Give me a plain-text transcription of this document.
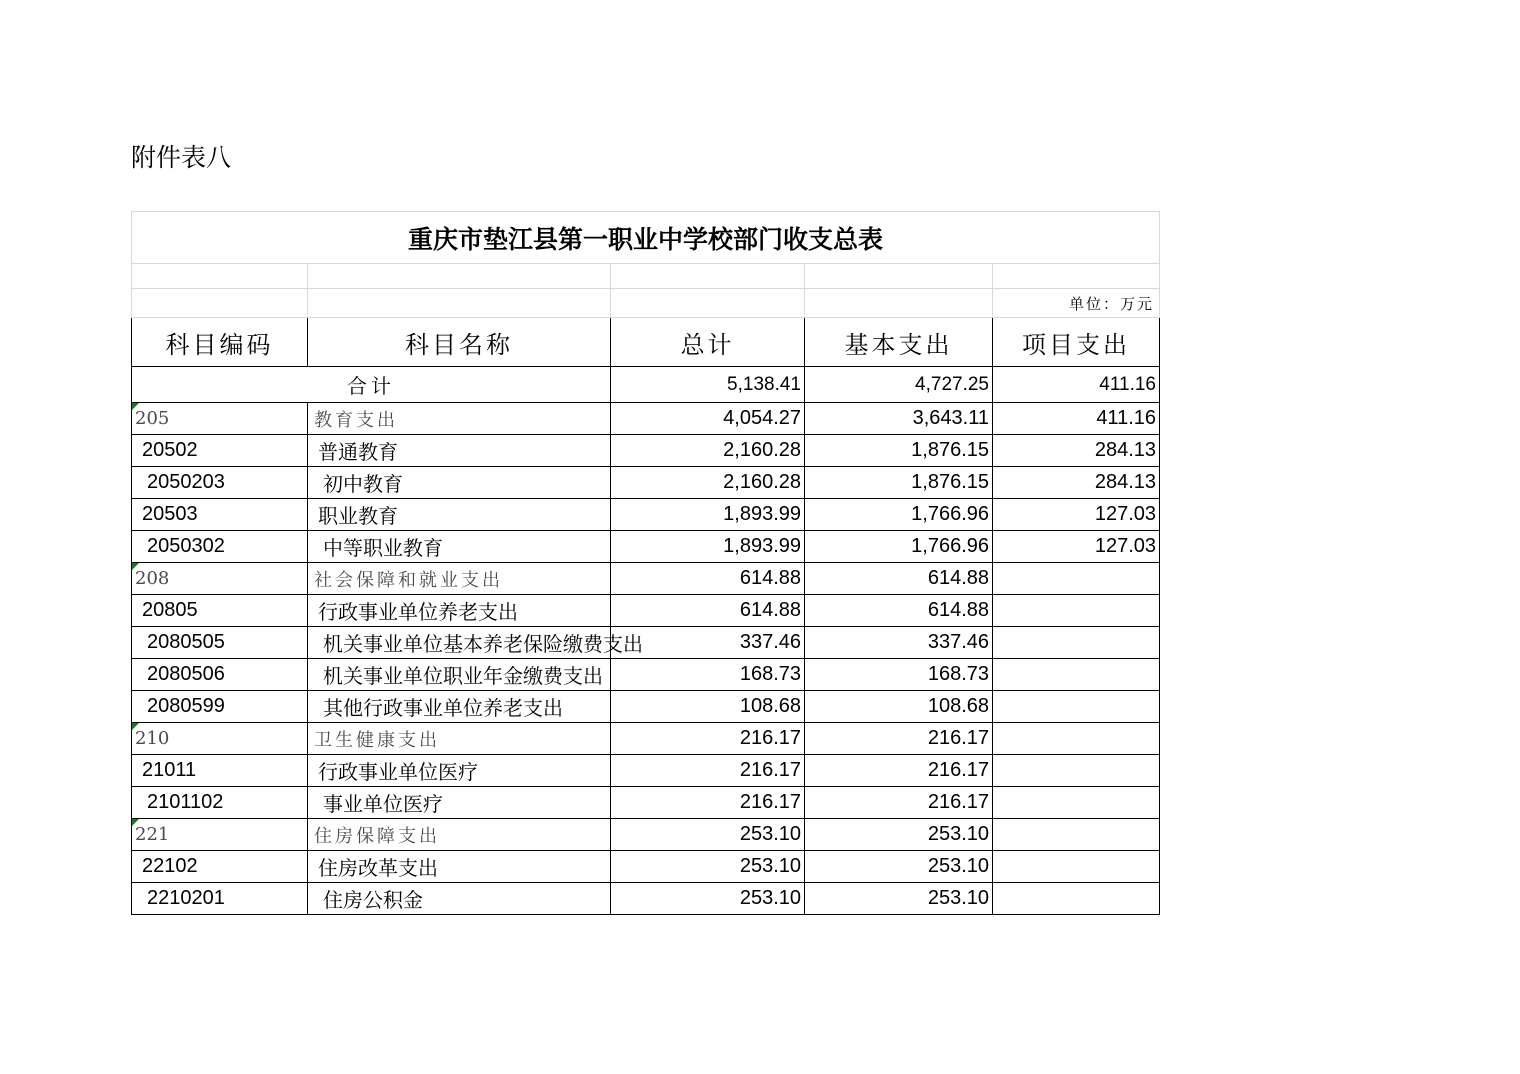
附件表八
重庆市垫江县第一职业中学校部门收支总表				

				单位：万元
科目编码	科目名称	总计	基本支出	项目支出
合计		5,138.41	4,727.25	411.16
205	教育支出	4,054.27	3,643.11	411.16
20502	普通教育	2,160.28	1,876.15	284.13
2050203	初中教育	2,160.28	1,876.15	284.13
20503	职业教育	1,893.99	1,766.96	127.03
2050302	中等职业教育	1,893.99	1,766.96	127.03
208	社会保障和就业支出	614.88	614.88	
20805	行政事业单位养老支出	614.88	614.88	
2080505	机关事业单位基本养老保险缴费支出	337.46	337.46	
2080506	机关事业单位职业年金缴费支出	168.73	168.73	
2080599	其他行政事业单位养老支出	108.68	108.68	
210	卫生健康支出	216.17	216.17	
21011	行政事业单位医疗	216.17	216.17	
2101102	事业单位医疗	216.17	216.17	
221	住房保障支出	253.10	253.10	
22102	住房改革支出	253.10	253.10	
2210201	住房公积金	253.10	253.10	
